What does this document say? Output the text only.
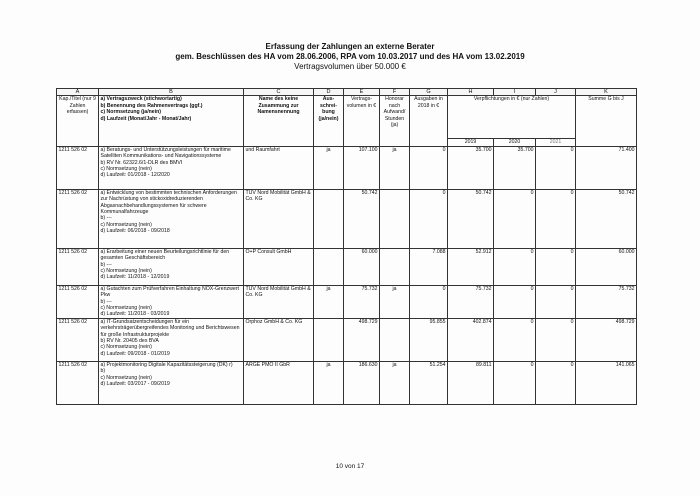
Erfassung der Zahlungen an externe Berater
gem. Beschlüssen des HA vom 28.06.2006, RPA vom 10.03.2017 und des HA vom 13.02.2019
Vertragsvolumen über 50.000 €
A	B	C	D	E	F	G	H	I	J	K
Kap./Titel (nur 9 Zahlen erfassen)	a) Vertragszweck (stichwortartig)
b) Benennung des Rahmenvertrags (ggf.)
c) Normsetzung (ja/nein)
d) Laufzeit (Monat/Jahr - Monat/Jahr)	Name des keine Zusammung zur Namensnennung	Aus- schrei- bung (ja/nein)	Vertrags- volumen in €	Honorar nach Aufwand/ Stunden (ja)	Ausgaben in 2018 in €	Verpflichtungen in € (nur Zahlen)			Summe G bis J
							2019	2020	2021	
1211 526 02	a) Beratungs- und Unterstützungsleistungen für maritime Satelliten Kommunikations- und Navigationssysteme
b) RV Nr. 62322.6/1-DLR des BMVI
c) Normsetzung (nein)
d) Laufzeit: 01/2018 - 12/2020	und Raumfahrt	ja	107.100	ja	0	35.700	35.700	0	71.400
1211 526 02	a) Entwicklung von bestimmten technischen Anforderungen zur Nachrüstung von stickoxidreduzierenden Abgasnachbehandlungssystemen für schwere Kommunalfahrzeuge
b) ---
c) Normsetzung (nein)
d) Laufzeit: 06/2018 - 09/2018	TÜV Nord Mobilität GmbH & Co. KG		50.742		0	50.742	0	0	50.742
1211 526 02	a) Erarbeitung einer neuen Beurteilungsrichtlinie für den gesamten Geschäftsbereich
b) ---
c) Normsetzung (nein)
d) Laufzeit: 11/2018 - 12/2019	O+P Consult GmbH		60.000		7.088	52.912	0	0	60.000
1211 526 02	a) Gutachten zum Prüfverfahren Einhaltung NOX-Grenzwert Pkw
b) ---
c) Normsetzung (nein)
d) Laufzeit: 11/2018 - 03/2019	TÜV Nord Mobilität GmbH & Co. KG	ja	75.732	ja	0	75.732	0	0	75.732
1211 526 02	a) IT-Grundsatzentscheidungen für ein verkehrsträgerübergreifendes Monitoring und Berichtswesen für große Infrastrukturprojekte
b) RV Nr. 20405 des BVA
c) Normsetzung (nein)
d) Laufzeit: 09/2018 - 01/2019	Orphoz GmbH & Co. KG		498.729		95.855	402.874	0	0	498.729
1211 526 02	a) Projektmonitoring Digitale Kapazitätssteigerung (DK) r)
b)
c) Normsetzung (nein)
d) Laufzeit: 03/2017 - 09/2019	ARGE PMO II GbR	ja	186.630	ja	51.254	89.811	0	0	141.065
10 von 17
